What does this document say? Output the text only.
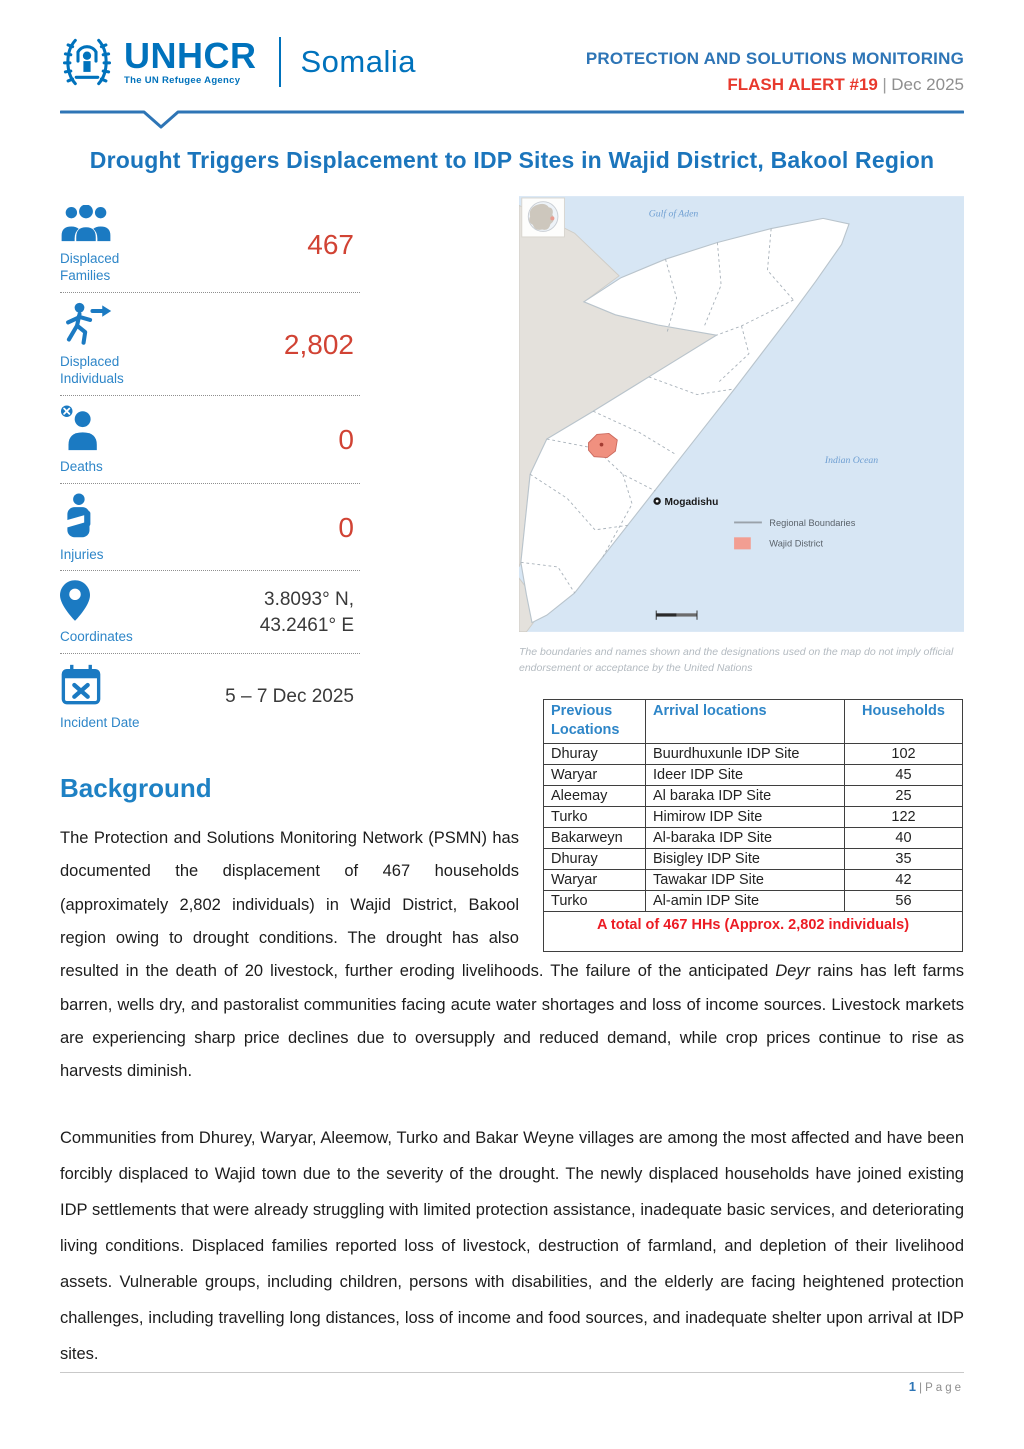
UNHCR
The UN Refugee Agency
Somalia	PROTECTION AND SOLUTIONS MONITORING
FLASH ALERT #19 | Dec 2025
Drought Triggers Displacement to IDP Sites in Wajid District, Bakool Region
Mogadishu
Gulf of Aden
Indian Ocean
Regional Boundaries
Wajid District
The boundaries and names shown and the designations used on the map do not imply official endorsement or acceptance by the United Nations
Previous Locations	Arrival locations	Households
Dhuray	Buurdhuxunle IDP Site	102
Waryar	Ideer IDP Site	45
Aleemay	Al baraka IDP Site	25
Turko	Himirow IDP Site	122
Bakarweyn	Al-baraka IDP Site	40
Dhuray	Bisigley IDP Site	35
Waryar	Tawakar IDP Site	42
Turko	Al-amin IDP Site	56
A total of 467 HHs (Approx. 2,802 individuals)		
Displaced Families
467
Displaced Individuals
2,802
Deaths
0
Injuries
0
Coordinates
3.8093° N,
43.2461° E
Incident Date
5 – 7 Dec 2025
Background

The Protection and Solutions Monitoring Network (PSMN) has documented the displacement of 467 households (approximately 2,802 individuals) in Wajid District, Bakool region owing to drought conditions. The drought has also resulted in the death of 20 livestock, further eroding livelihoods. The failure of the anticipated Deyr rains has left farms barren, wells dry, and pastoralist communities facing acute water shortages and loss of income sources. Livestock markets are experiencing sharp price declines due to oversupply and reduced demand, while crop prices continue to rise as harvests diminish.

Communities from Dhurey, Waryar, Aleemow, Turko and Bakar Weyne villages are among the most affected and have been forcibly displaced to Wajid town due to the severity of the drought. The newly displaced households have joined existing IDP settlements that were already struggling with limited protection assistance, inadequate basic services, and deteriorating living conditions. Displaced families reported loss of livestock, destruction of farmland, and depletion of their livelihood assets. Vulnerable groups, including children, persons with disabilities, and the elderly are facing heightened protection challenges, including travelling long distances, loss of income and food sources, and inadequate shelter upon arrival at IDP sites.

1 | Page
